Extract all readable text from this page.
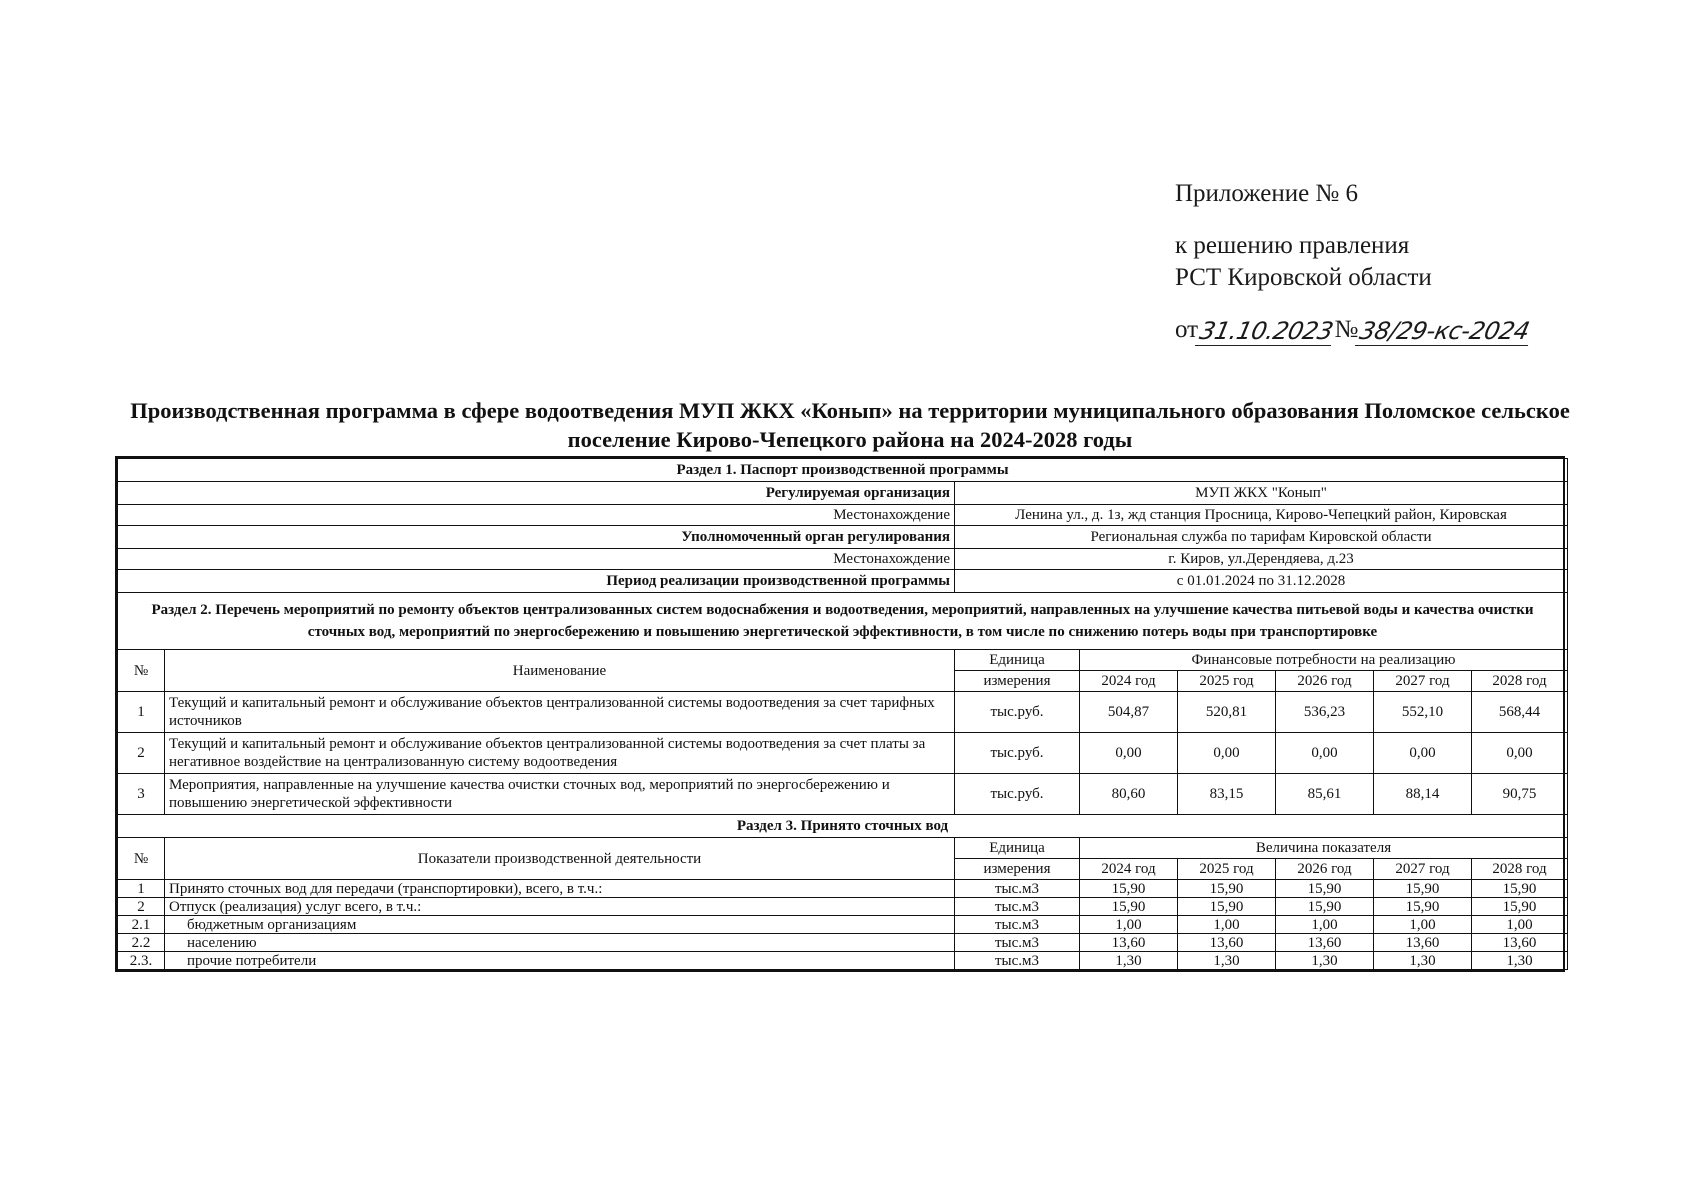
Приложение № 6
к решению правления
РСТ Кировской области
от 31.10.2023
№ 38/29-кс-2024
Производственная программа в сфере водоотведения МУП ЖКХ «Конып» на территории муниципального образования Поломское сельское поселение Кирово-Чепецкого района на 2024-2028 годы
Раздел 1. Паспорт производственной программы							
Регулируемая организация		МУП ЖКХ "Конып"					
Местонахождение		Ленина ул., д. 1з, жд станция Просница, Кирово-Чепецкий район, Кировская					
Уполномоченный орган регулирования		Региональная служба по тарифам Кировской области					
Местонахождение		г. Киров, ул.Дерендяева, д.23					
Период реализации производственной программы		с 01.01.2024 по 31.12.2028					
Раздел 2. Перечень мероприятий по ремонту объектов централизованных систем водоснабжения и водоотведения, мероприятий, направленных на улучшение качества питьевой воды и качества очистки сточных вод, мероприятий по энергосбережению и повышению энергетической эффективности, в том числе по снижению потерь воды при транспортировке							
№	Наименование	Единица	Финансовые потребности на реализацию				
		измерения	2024 год	2025 год	2026 год	2027 год	2028 год
1	Текущий и капитальный ремонт и обслуживание объектов централизованной системы водоотведения за счет тарифных источников	тыс.руб.	504,87	520,81	536,23	552,10	568,44
2	Текущий и капитальный ремонт и обслуживание объектов централизованной системы водоотведения за счет платы за негативное воздействие на централизованную систему водоотведения	тыс.руб.	0,00	0,00	0,00	0,00	0,00
3	Мероприятия, направленные на улучшение качества очистки сточных вод, мероприятий по энергосбережению и повышению энергетической эффективности	тыс.руб.	80,60	83,15	85,61	88,14	90,75
Раздел 3. Принято сточных вод							
№	Показатели производственной деятельности	Единица	Величина показателя				
		измерения	2024 год	2025 год	2026 год	2027 год	2028 год
1	Принято сточных вод для передачи (транспортировки), всего, в т.ч.:	тыс.м3	15,90	15,90	15,90	15,90	15,90
2	Отпуск (реализация) услуг всего, в т.ч.:	тыс.м3	15,90	15,90	15,90	15,90	15,90
2.1	бюджетным организациям	тыс.м3	1,00	1,00	1,00	1,00	1,00
2.2	населению	тыс.м3	13,60	13,60	13,60	13,60	13,60
2.3.	прочие потребители	тыс.м3	1,30	1,30	1,30	1,30	1,30
